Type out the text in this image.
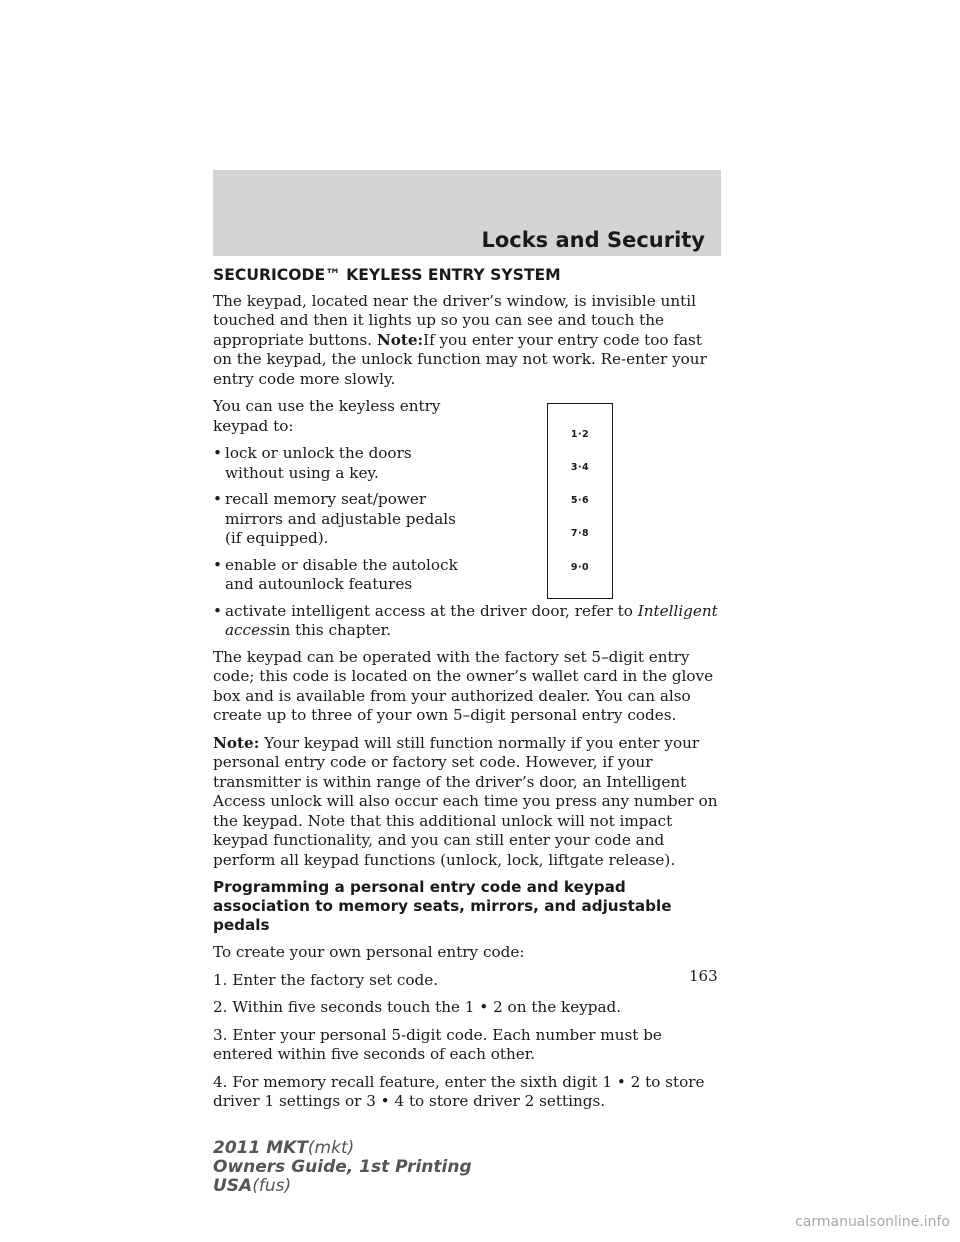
Locks and Security
SECURICODE™ KEYLESS ENTRY SYSTEM

The keypad, located near the driver’s window, is invisible until touched and then it lights up so you can see and touch the appropriate buttons. Note:If you enter your entry code too fast on the keypad, the unlock function may not work. Re-enter your entry code more slowly.

1·2
3·4
5·6
7·8
9·0

You can use the keyless entry keypad to:

• lock or unlock the doors without using a key.
• recall memory seat/power mirrors and adjustable pedals (if equipped).
• enable or disable the autolock and autounlock features
• activate intelligent access at the driver door, refer to Intelligent accessin this chapter.

The keypad can be operated with the factory set 5–digit entry code; this code is located on the owner’s wallet card in the glove box and is available from your authorized dealer. You can also create up to three of your own 5–digit personal entry codes.

Note: Your keypad will still function normally if you enter your personal entry code or factory set code. However, if your transmitter is within range of the driver’s door, an Intelligent Access unlock will also occur each time you press any number on the keypad. Note that this additional unlock will not impact keypad functionality, and you can still enter your code and perform all keypad functions (unlock, lock, liftgate release).

Programming a personal entry code and keypad association to memory seats, mirrors, and adjustable pedals

To create your own personal entry code:

1. Enter the factory set code.

2. Within five seconds touch the 1 • 2 on the keypad.

3. Enter your personal 5-digit code. Each number must be entered within five seconds of each other.

4. For memory recall feature, enter the sixth digit 1 • 2 to store driver 1 settings or 3 • 4 to store driver 2 settings.

163
2011 MKT(mkt)
Owners Guide, 1st Printing
USA(fus)
carmanualsonline.info
